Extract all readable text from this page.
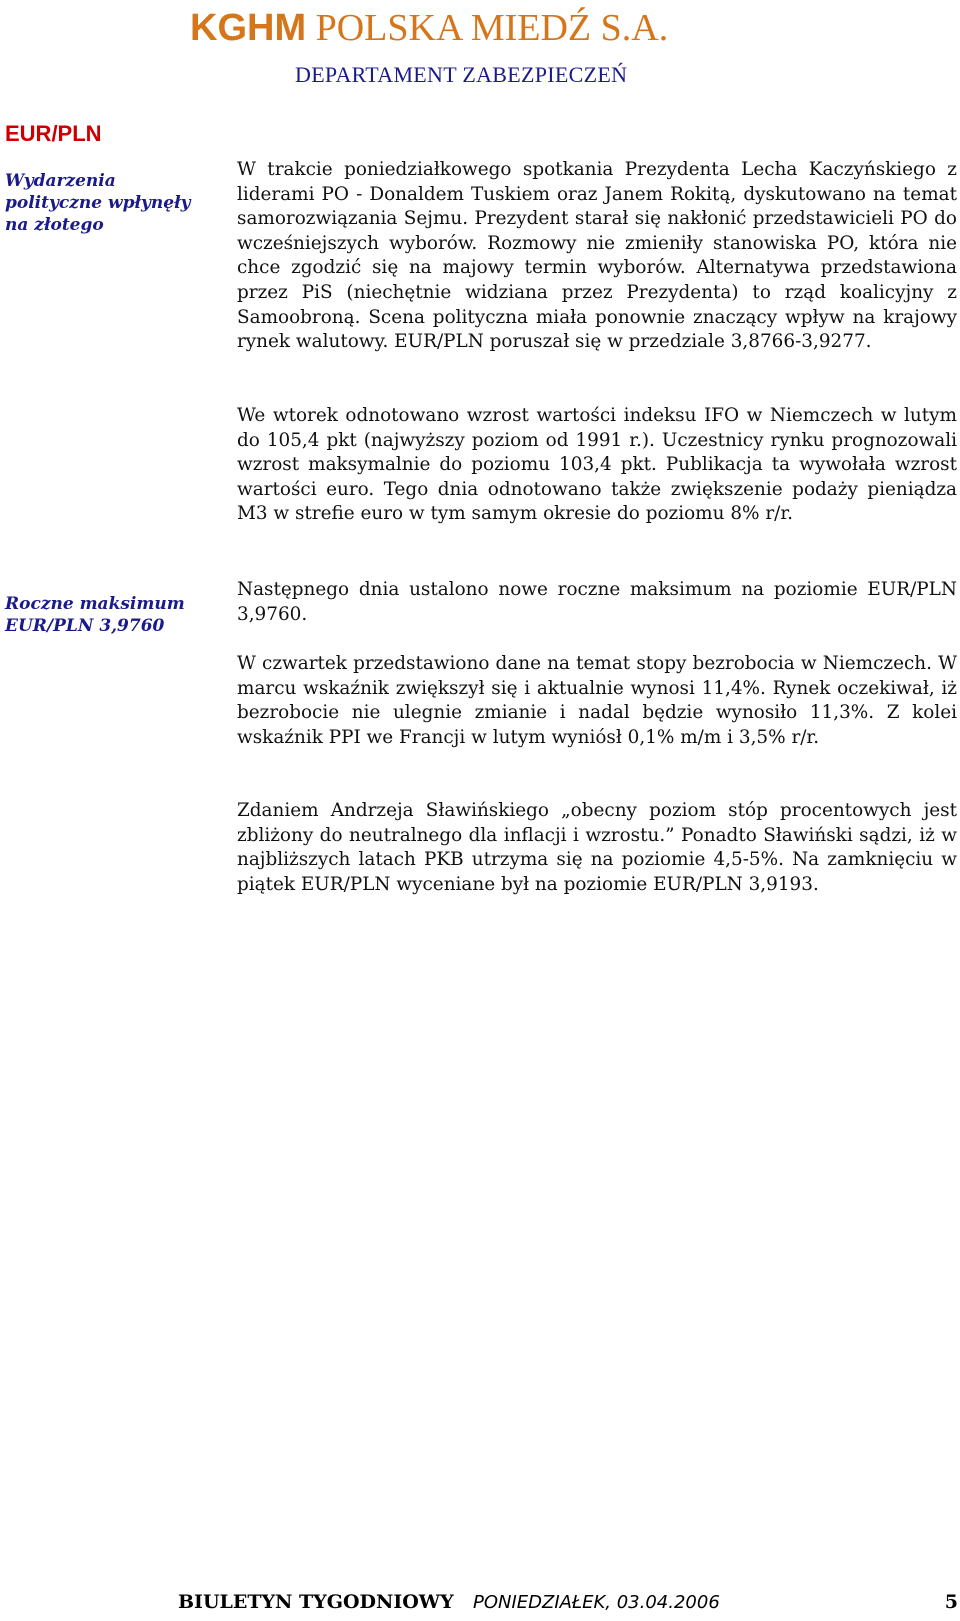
KGHM POLSKA MIEDŹ S.A.
DEPARTAMENT ZABEZPIECZEŃ
EUR/PLN
Wydarzenia polityczne wpłynęły na złotego
Roczne maksimum EUR/PLN 3,9760
W trakcie poniedziałkowego spotkania Prezydenta Lecha Kaczyńskiego z liderami PO - Donaldem Tuskiem oraz Janem Rokitą, dyskutowano na temat samorozwiązania Sejmu. Prezydent starał się nakłonić przedstawicieli PO do wcześniejszych wyborów. Rozmowy nie zmieniły stanowiska PO, która nie chce zgodzić się na majowy termin wyborów. Alternatywa przedstawiona przez PiS (niechętnie widziana przez Prezydenta) to rząd koalicyjny z Samoobroną. Scena polityczna miała ponownie znaczący wpływ na krajowy rynek walutowy. EUR/PLN poruszał się w przedziale 3,8766-3,9277.
We wtorek odnotowano wzrost wartości indeksu IFO w Niemczech w lutym do 105,4 pkt (najwyższy poziom od 1991 r.). Uczestnicy rynku prognozowali wzrost maksymalnie do poziomu 103,4 pkt. Publikacja ta wywołała wzrost wartości euro. Tego dnia odnotowano także zwiększenie podaży pieniądza M3 w strefie euro w tym samym okresie do poziomu 8% r/r.
Następnego dnia ustalono nowe roczne maksimum na poziomie EUR/PLN 3,9760.
W czwartek przedstawiono dane na temat stopy bezrobocia w Niemczech. W marcu wskaźnik zwiększył się i aktualnie wynosi 11,4%. Rynek oczekiwał, iż bezrobocie nie ulegnie zmianie i nadal będzie wynosiło 11,3%. Z kolei wskaźnik PPI we Francji w lutym wyniósł 0,1% m/m i 3,5% r/r.
Zdaniem Andrzeja Sławińskiego „obecny poziom stóp procentowych jest zbliżony do neutralnego dla inflacji i wzrostu.” Ponadto Sławiński sądzi, iż w najbliższych latach PKB utrzyma się na poziomie 4,5-5%. Na zamknięciu w piątek EUR/PLN wyceniane był na poziomie EUR/PLN 3,9193.
BIULETYN TYGODNIOWY PONIEDZIAŁEK, 03.04.2006	5
